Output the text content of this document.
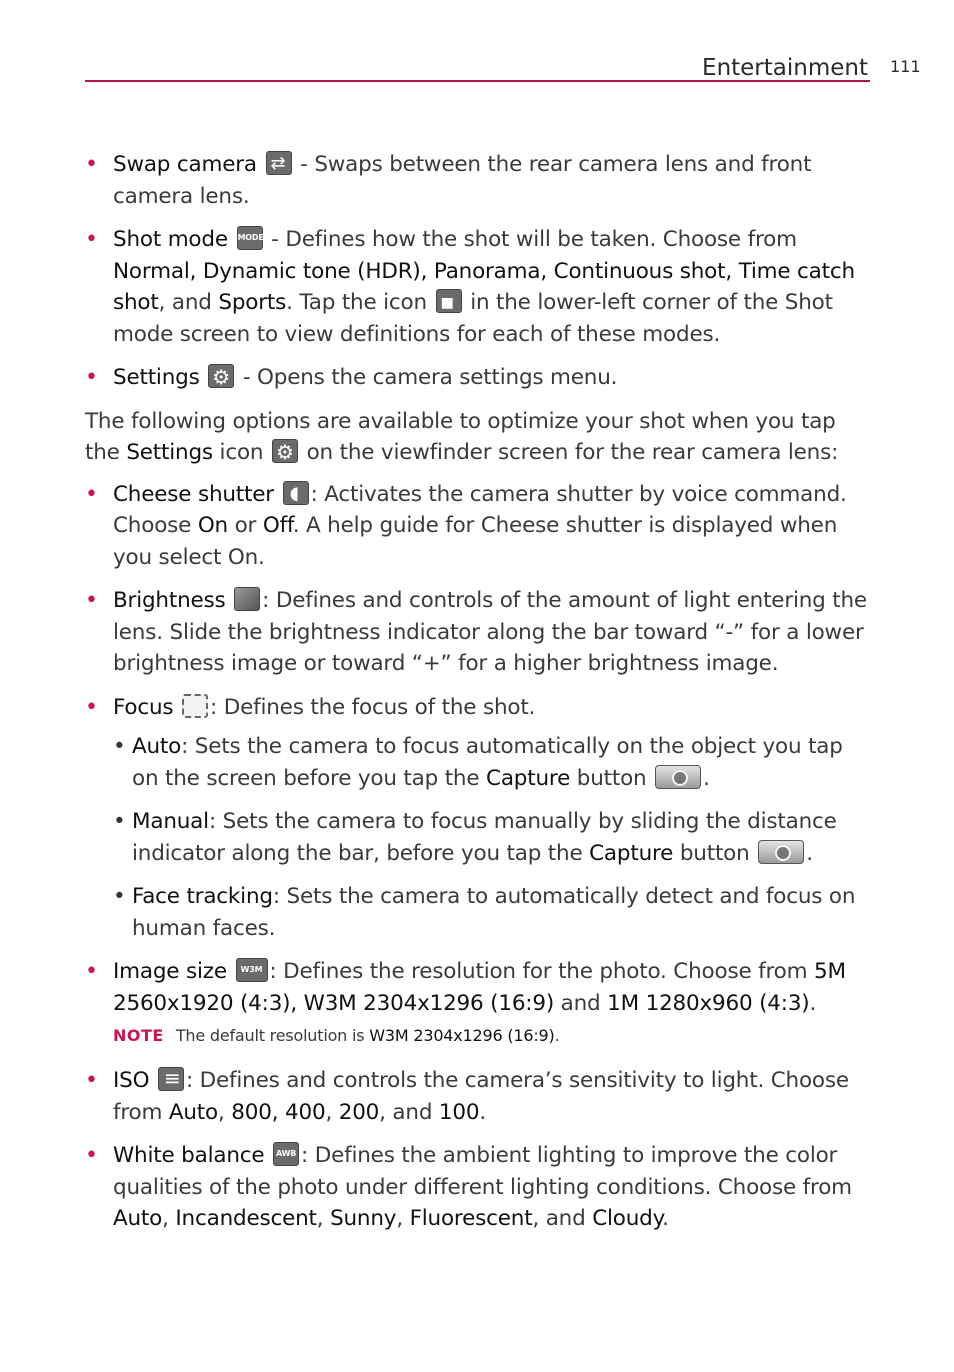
Entertainment 111
• Swap camera ⇄ - Swaps between the rear camera lens and front camera lens.
• Shot mode MODE - Defines how the shot will be taken. Choose from Normal, Dynamic tone (HDR), Panorama, Continuous shot, Time catch shot, and Sports. Tap the icon ■ in the lower-left corner of the Shot mode screen to view definitions for each of these modes.
• Settings ⚙ - Opens the camera settings menu.

The following options are available to optimize your shot when you tap the Settings icon ⚙ on the viewfinder screen for the rear camera lens:

• Cheese shutter ◖ : Activates the camera shutter by voice command. Choose On or Off. A help guide for Cheese shutter is displayed when you select On.
• Brightness : Defines and controls of the amount of light entering the lens. Slide the brightness indicator along the bar toward “-” for a lower brightness image or toward “+” for a higher brightness image.
• Focus : Defines the focus of the shot.
• Auto: Sets the camera to focus automatically on the object you tap on the screen before you tap the Capture button .
• Manual: Sets the camera to focus manually by sliding the distance indicator along the bar, before you tap the Capture button .
• Face tracking: Sets the camera to automatically detect and focus on human faces.
• Image size W3M : Defines the resolution for the photo. Choose from 5M 2560x1920 (4:3), W3M 2304x1296 (16:9) and 1M 1280x960 (4:3).
NOTE The default resolution is W3M 2304x1296 (16:9).
• ISO ≡ : Defines and controls the camera’s sensitivity to light. Choose from Auto, 800, 400, 200, and 100.
• White balance AWB : Defines the ambient lighting to improve the color qualities of the photo under different lighting conditions. Choose from Auto, Incandescent, Sunny, Fluorescent, and Cloudy.
